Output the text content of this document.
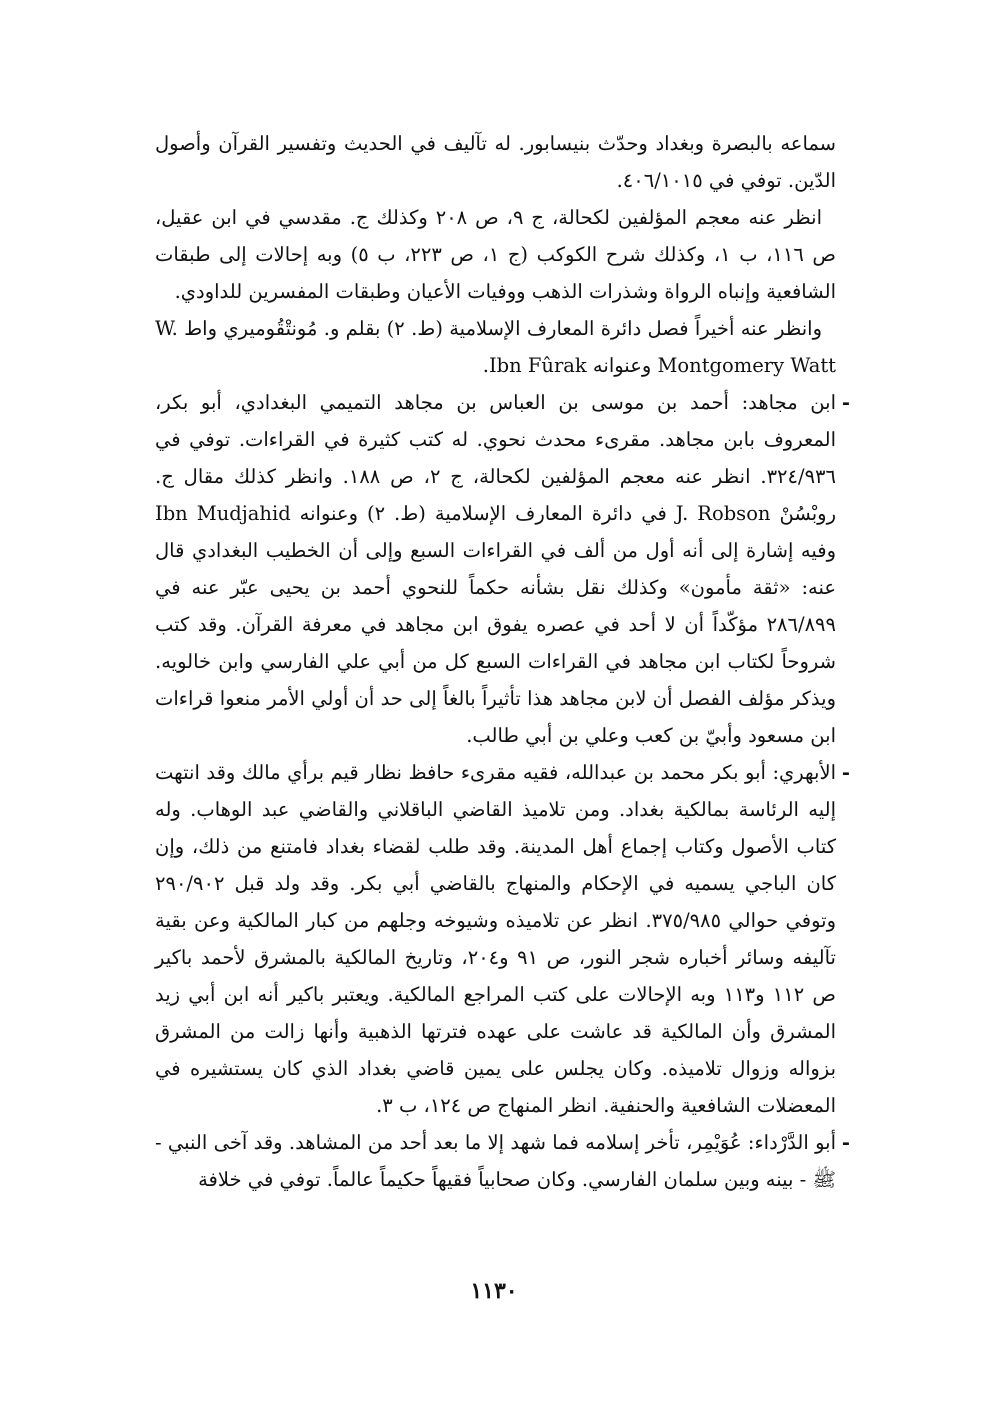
سماعه بالبصرة وبغداد وحدّث بنيسابور. له تآليف في الحديث وتفسير القرآن وأصول الدّين. توفي في ٤٠٦/١٠١٥.

انظر عنه معجم المؤلفين لكحالة، ج ٩، ص ٢٠٨ وكذلك ج. مقدسي في ابن عقيل، ص ١١٦، ب ١، وكذلك شرح الكوكب (ج ١، ص ٢٢٣، ب ٥) وبه إحالات إلى طبقات الشافعية وإنباه الرواة وشذرات الذهب ووفيات الأعيان وطبقات المفسرين للداودي.

وانظر عنه أخيراً فصل دائرة المعارف الإسلامية (ط. ٢) بقلم و. مُونتْقُوميري واط W. Montgomery Watt وعنوانه Ibn Fûrak.

- ابن مجاهد: أحمد بن موسى بن العباس بن مجاهد التميمي البغدادي، أبو بكر، المعروف بابن مجاهد. مقرىء محدث نحوي. له كتب كثيرة في القراءات. توفي في ٣٢٤/٩٣٦. انظر عنه معجم المؤلفين لكحالة، ج ٢، ص ١٨٨. وانظر كذلك مقال ج. روبْسُنْ J. Robson في دائرة المعارف الإسلامية (ط. ٢) وعنوانه Ibn Mudjahid وفيه إشارة إلى أنه أول من ألف في القراءات السبع وإلى أن الخطيب البغدادي قال عنه: «ثقة مأمون» وكذلك نقل بشأنه حكماً للنحوي أحمد بن يحيى عبّر عنه في ٢٨٦/٨٩٩ مؤكّداً أن لا أحد في عصره يفوق ابن مجاهد في معرفة القرآن. وقد كتب شروحاً لكتاب ابن مجاهد في القراءات السبع كل من أبي علي الفارسي وابن خالويه. ويذكر مؤلف الفصل أن لابن مجاهد هذا تأثيراً بالغاً إلى حد أن أولي الأمر منعوا قراءات ابن مسعود وأبيّ بن كعب وعلي بن أبي طالب.

- الأبهري: أبو بكر محمد بن عبدالله، فقيه مقرىء حافظ نظار قيم برأي مالك وقد انتهت إليه الرئاسة بمالكية بغداد. ومن تلاميذ القاضي الباقلاني والقاضي عبد الوهاب. وله كتاب الأصول وكتاب إجماع أهل المدينة. وقد طلب لقضاء بغداد فامتنع من ذلك، وإن كان الباجي يسميه في الإحكام والمنهاج بالقاضي أبي بكر. وقد ولد قبل ٢٩٠/٩٠٢ وتوفي حوالي ٣٧٥/٩٨٥. انظر عن تلاميذه وشيوخه وجلهم من كبار المالكية وعن بقية تآليفه وسائر أخباره شجر النور، ص ٩١ و٢٠٤، وتاريخ المالكية بالمشرق لأحمد باكير ص ١١٢ و١١٣ وبه الإحالات على كتب المراجع المالكية. ويعتبر باكير أنه ابن أبي زيد المشرق وأن المالكية قد عاشت على عهده فترتها الذهبية وأنها زالت من المشرق بزواله وزوال تلاميذه. وكان يجلس على يمين قاضي بغداد الذي كان يستشيره في المعضلات الشافعية والحنفية. انظر المنهاج ص ١٢٤، ب ٣.

- أبو الدَّرْداء: عُوَيْمِر، تأخر إسلامه فما شهد إلا ما بعد أحد من المشاهد. وقد آخى النبي - ﷺ - بينه وبين سلمان الفارسي. وكان صحابياً فقيهاً حكيماً عالماً. توفي في خلافة

١١٣٠
